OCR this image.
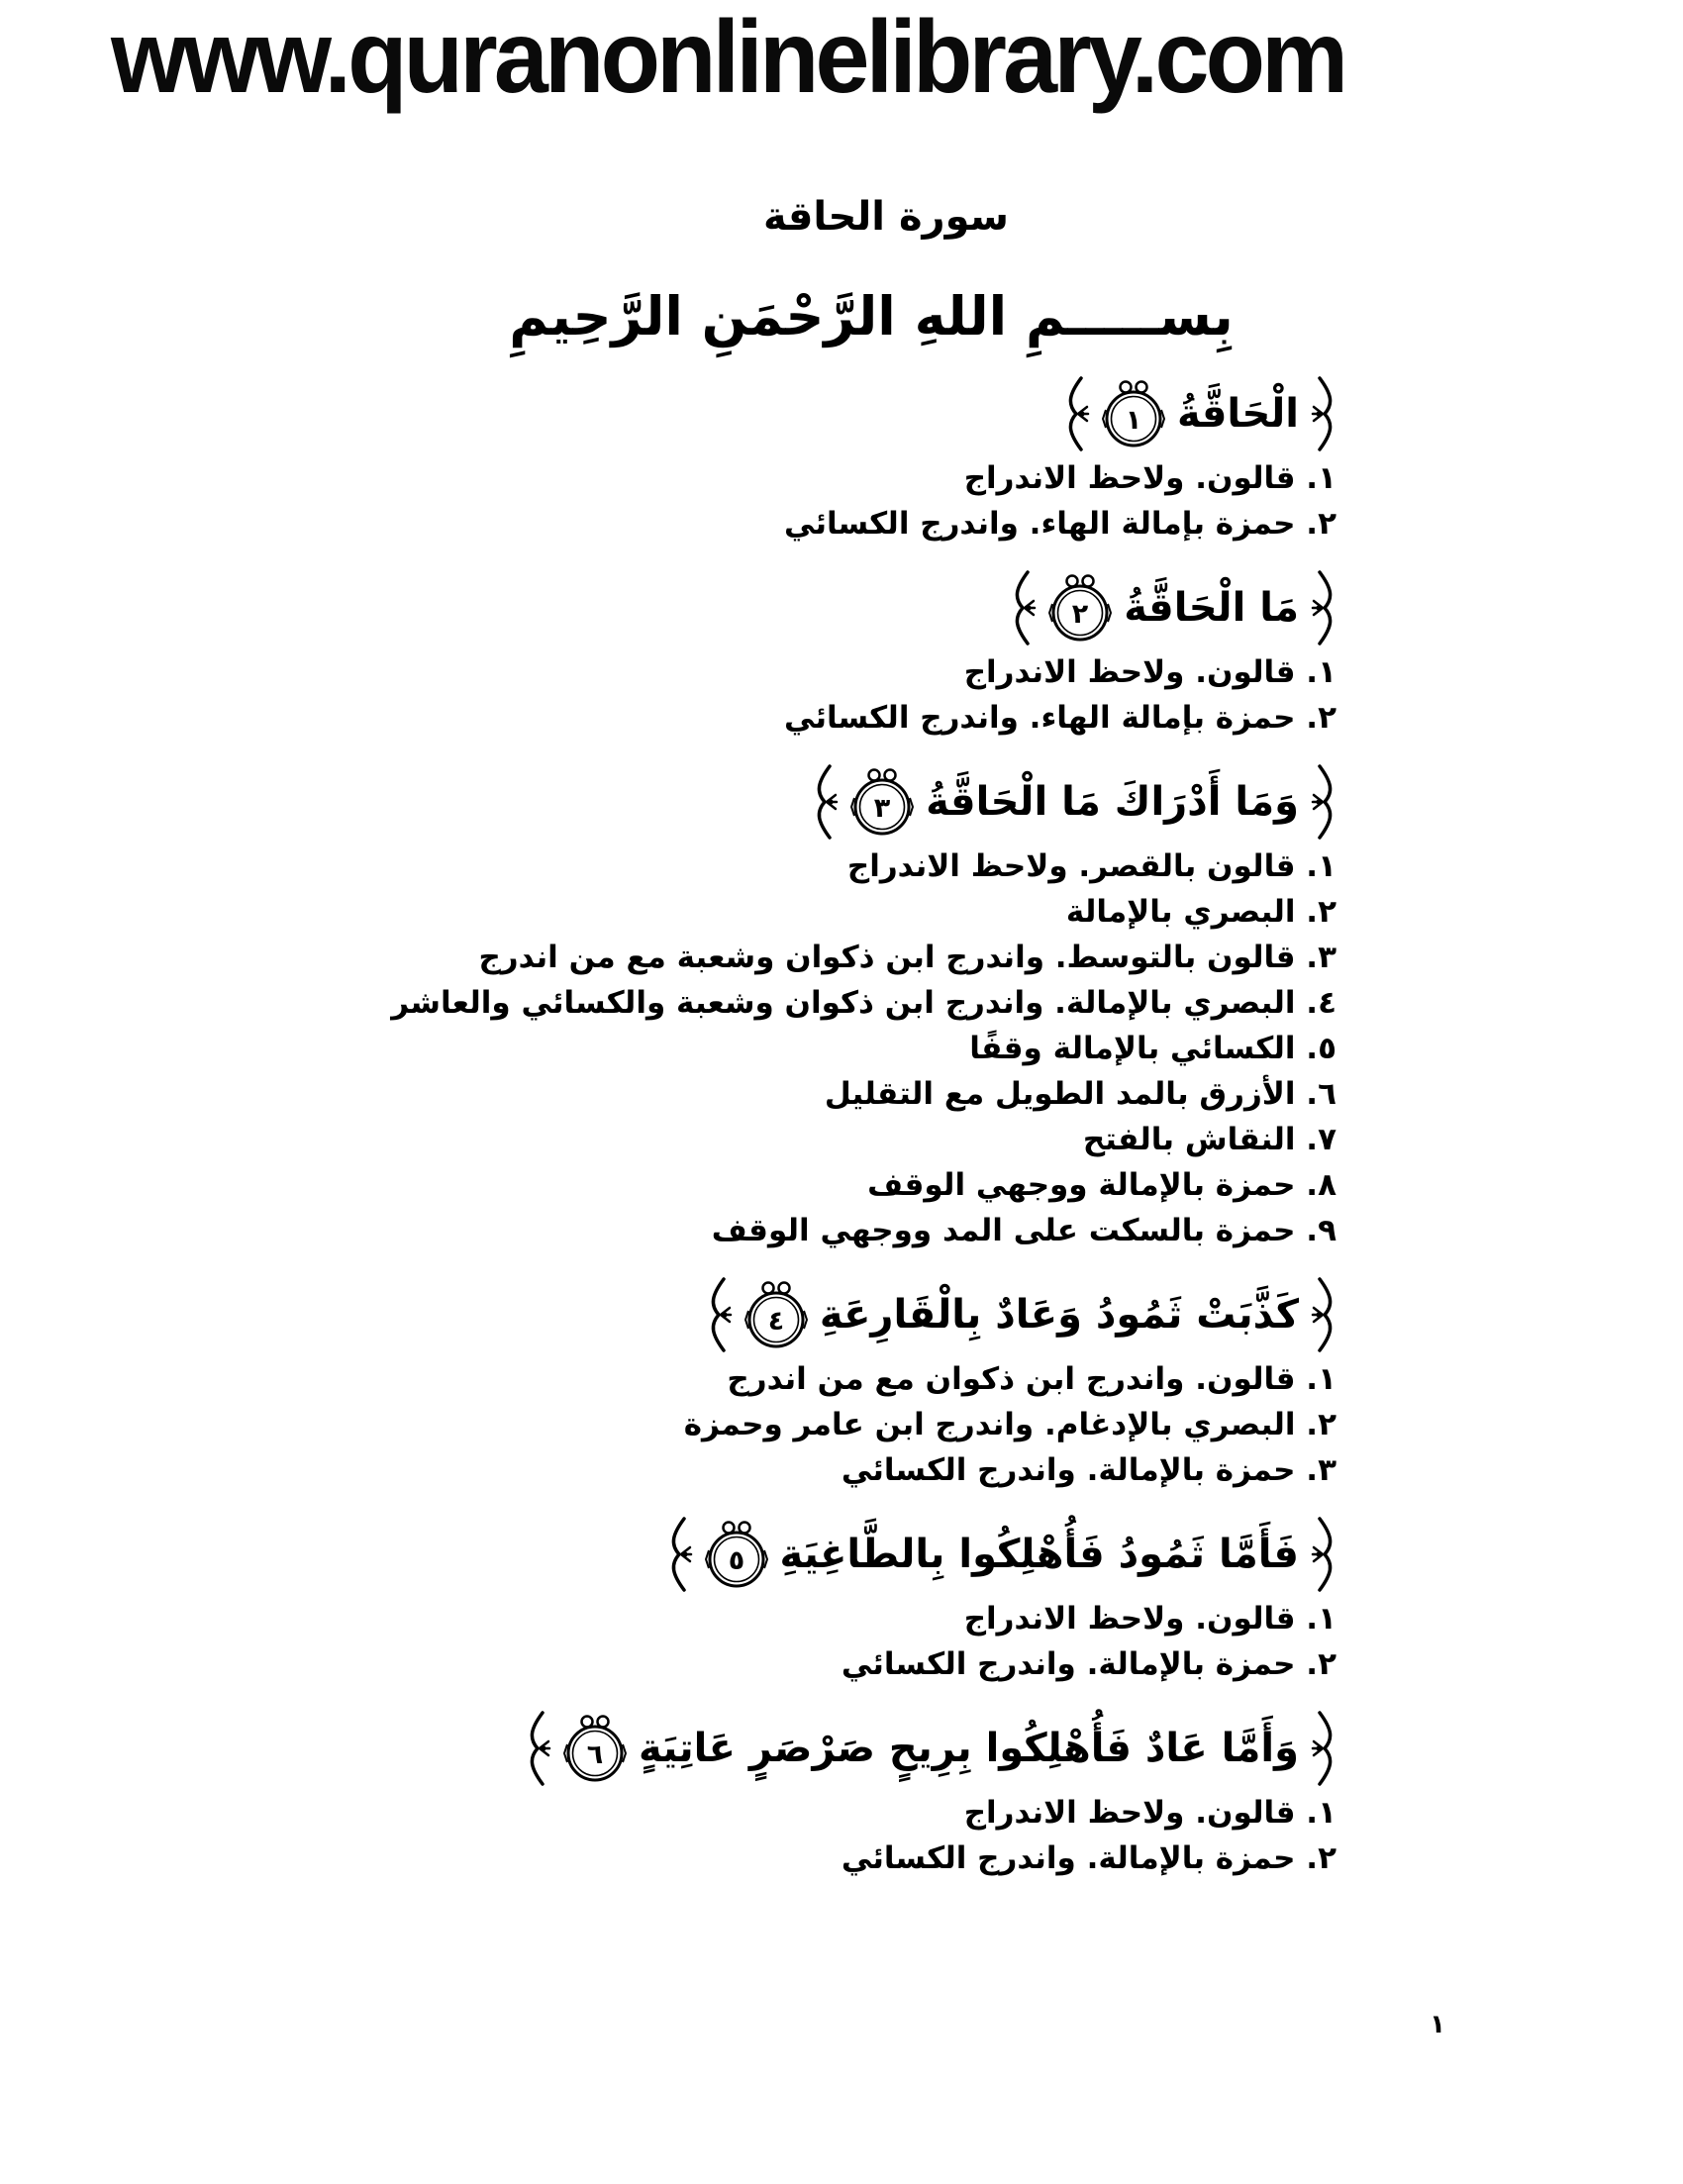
www.quranonlinelibrary.com
سورة الحاقة
بِســـــمِ اللهِ الرَّحْمَنِ الرَّحِيمِ
الْحَاقَّةُ
١
١. قالون. ولاحظ الاندراج
٢. حمزة بإمالة الهاء. واندرج الكسائي
مَا الْحَاقَّةُ
٢
١. قالون. ولاحظ الاندراج
٢. حمزة بإمالة الهاء. واندرج الكسائي
وَمَا أَدْرَاكَ مَا الْحَاقَّةُ
٣
١. قالون بالقصر. ولاحظ الاندراج
٢. البصري بالإمالة
٣. قالون بالتوسط. واندرج ابن ذكوان وشعبة مع من اندرج
٤. البصري بالإمالة. واندرج ابن ذكوان وشعبة والكسائي والعاشر
٥. الكسائي بالإمالة وقفًا
٦. الأزرق بالمد الطويل مع التقليل
٧. النقاش بالفتح
٨. حمزة بالإمالة ووجهي الوقف
٩. حمزة بالسكت على المد ووجهي الوقف
كَذَّبَتْ ثَمُودُ وَعَادٌ بِالْقَارِعَةِ
٤
١. قالون. واندرج ابن ذكوان مع من اندرج
٢. البصري بالإدغام. واندرج ابن عامر وحمزة
٣. حمزة بالإمالة. واندرج الكسائي
فَأَمَّا ثَمُودُ فَأُهْلِكُوا بِالطَّاغِيَةِ
٥
١. قالون. ولاحظ الاندراج
٢. حمزة بالإمالة. واندرج الكسائي
وَأَمَّا عَادٌ فَأُهْلِكُوا بِرِيحٍ صَرْصَرٍ عَاتِيَةٍ
٦
١. قالون. ولاحظ الاندراج
٢. حمزة بالإمالة. واندرج الكسائي
١
